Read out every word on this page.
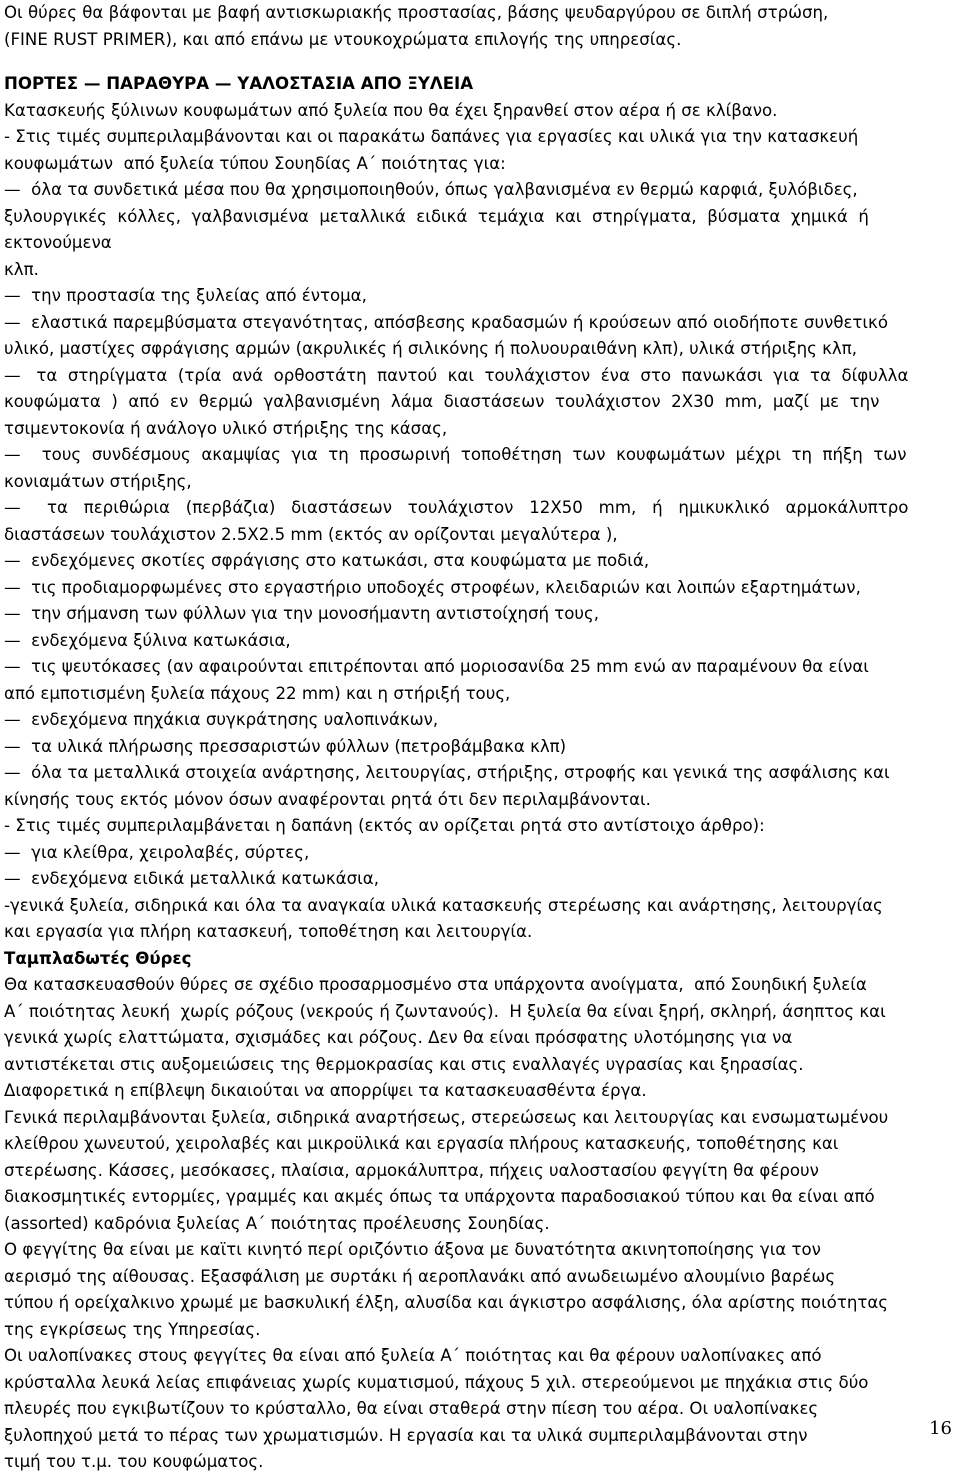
Οι θύρες θα βάφονται με βαφή αντισκωριακής προστασίας, βάσης ψευδαργύρου σε διπλή στρώση,
(FINE RUST PRIMER), και από επάνω με ντουκοχρώματα επιλογής της υπηρεσίας.
ΠΟΡΤΕΣ — ΠΑΡΑΘΥΡΑ — ΥΑΛΟΣΤΑΣΙΑ ΑΠΟ ΞΥΛΕΙΑ
Κατασκευής ξύλινων κουφωμάτων από ξυλεία που θα έχει ξηρανθεί στον αέρα ή σε κλίβανο.
- Στις τιμές συμπεριλαμβάνονται και οι παρακάτω δαπάνες για εργασίες και υλικά για την κατασκευή
κουφωμάτων  από ξυλεία τύπου Σουηδίας Α΄ ποιότητας για:
—  όλα τα συνδετικά μέσα που θα χρησιμοποιηθούν, όπως γαλβανισμένα εν θερμώ καρφιά, ξυλόβιδες,
ξυλουργικές  κόλλες,  γαλβανισμένα  μεταλλικά  ειδικά  τεμάχια  και  στηρίγματα,  βύσματα  χημικά  ή
εκτονούμενα
κλπ.
—  την προστασία της ξυλείας από έντομα,
—  ελαστικά παρεμβύσματα στεγανότητας, απόσβεσης κραδασμών ή κρούσεων από οιοδήποτε συνθετικό
υλικό, μαστίχες σφράγισης αρμών (ακρυλικές ή σιλικόνης ή πολυουραιθάνη κλπ), υλικά στήριξης κλπ,
—   τα  στηρίγματα  (τρία  ανά  ορθοστάτη  παντού  και  τουλάχιστον  ένα  στο  πανωκάσι  για  τα  δίφυλλα
κουφώματα  )  από  εν  θερμώ  γαλβανισμένη  λάμα  διαστάσεων  τουλάχιστον  2Χ30  mm,  μαζί  με  την
τσιμεντοκονία ή ανάλογο υλικό στήριξης της κάσας,
—    τους  συνδέσμους  ακαμψίας  για  τη  προσωρινή  τοποθέτηση  των  κουφωμάτων  μέχρι  τη  πήξη  των
κονιαμάτων στήριξης,
—     τα   περιθώρια   (περβάζια)   διαστάσεων   τουλάχιστον   12Χ50   mm,   ή   ημικυκλικό   αρμοκάλυπτρο
διαστάσεων τουλάχιστον 2.5Χ2.5 mm (εκτός αν ορίζονται μεγαλύτερα ),
—  ενδεχόμενες σκοτίες σφράγισης στο κατωκάσι, στα κουφώματα με ποδιά,
—  τις προδιαμορφωμένες στο εργαστήριο υποδοχές στροφέων, κλειδαριών και λοιπών εξαρτημάτων,
—  την σήμανση των φύλλων για την μονοσήμαντη αντιστοίχησή τους,
—  ενδεχόμενα ξύλινα κατωκάσια,
—  τις ψευτόκασες (αν αφαιρούνται επιτρέπονται από μοριοσανίδα 25 mm ενώ αν παραμένουν θα είναι
από εμποτισμένη ξυλεία πάχους 22 mm) και η στήριξή τους,
—  ενδεχόμενα πηχάκια συγκράτησης υαλοπινάκων,
—  τα υλικά πλήρωσης πρεσσαριστών φύλλων (πετροβάμβακα κλπ)
—  όλα τα μεταλλικά στοιχεία ανάρτησης, λειτουργίας, στήριξης, στροφής και γενικά της ασφάλισης και
κίνησής τους εκτός μόνον όσων αναφέρονται ρητά ότι δεν περιλαμβάνονται.
- Στις τιμές συμπεριλαμβάνεται η δαπάνη (εκτός αν ορίζεται ρητά στο αντίστοιχο άρθρο):
—  για κλείθρα, χειρολαβές, σύρτες,
—  ενδεχόμενα ειδικά μεταλλικά κατωκάσια,
-γενικά ξυλεία, σιδηρικά και όλα τα αναγκαία υλικά κατασκευής στερέωσης και ανάρτησης, λειτουργίας
και εργασία για πλήρη κατασκευή, τοποθέτηση και λειτουργία.
Ταμπλαδωτές Θύρες
Θα κατασκευασθούν θύρες σε σχέδιο προσαρμοσμένο στα υπάρχοντα ανοίγματα,  από Σουηδική ξυλεία
Α΄ ποιότητας λευκή  χωρίς ρόζους (νεκρούς ή ζωντανούς).  Η ξυλεία θα είναι ξηρή, σκληρή, άσηπτος και
γενικά χωρίς ελαττώματα, σχισμάδες και ρόζους. Δεν θα είναι πρόσφατης υλοτόμησης για να
αντιστέκεται στις αυξομειώσεις της θερμοκρασίας και στις εναλλαγές υγρασίας και ξηρασίας.
Διαφορετικά η επίβλεψη δικαιούται να απορρίψει τα κατασκευασθέντα έργα.
Γενικά περιλαμβάνονται ξυλεία, σιδηρικά αναρτήσεως, στερεώσεως και λειτουργίας και ενσωματωμένου
κλείθρου χωνευτού, χειρολαβές και μικροϋλικά και εργασία πλήρους κατασκευής, τοποθέτησης και
στερέωσης. Κάσσες, μεσόκασες, πλαίσια, αρμοκάλυπτρα, πήχεις υαλοστασίου φεγγίτη θα φέρουν
διακοσμητικές εντορμίες, γραμμές και ακμές όπως τα υπάρχοντα παραδοσιακού τύπου και θα είναι από
(assorted) καδρόνια ξυλείας Α΄ ποιότητας προέλευσης Σουηδίας.
Ο φεγγίτης θα είναι με καϊτι κινητό περί οριζόντιο άξονα με δυνατότητα ακινητοποίησης για τον
αερισμό της αίθουσας. Εξασφάλιση με συρτάκι ή αεροπλανάκι από ανωδειωμένο αλουμίνιο βαρέως
τύπου ή ορείχαλκινο χρωμέ με baσκυλική έλξη, αλυσίδα και άγκιστρο ασφάλισης, όλα αρίστης ποιότητας
της εγκρίσεως της Υπηρεσίας.
Οι υαλοπίνακες στους φεγγίτες θα είναι από ξυλεία Α΄ ποιότητας και θα φέρουν υαλοπίνακες από
κρύσταλλα λευκά λείας επιφάνειας χωρίς κυματισμού, πάχους 5 χιλ. στερεούμενοι με πηχάκια στις δύο
πλευρές που εγκιβωτίζουν το κρύσταλλο, θα είναι σταθερά στην πίεση του αέρα. Οι υαλοπίνακες
ξυλοπηχού μετά το πέρας των χρωματισμών. Η εργασία και τα υλικά συμπεριλαμβάνονται στην
τιμή του τ.μ. του κουφώματος.
16
